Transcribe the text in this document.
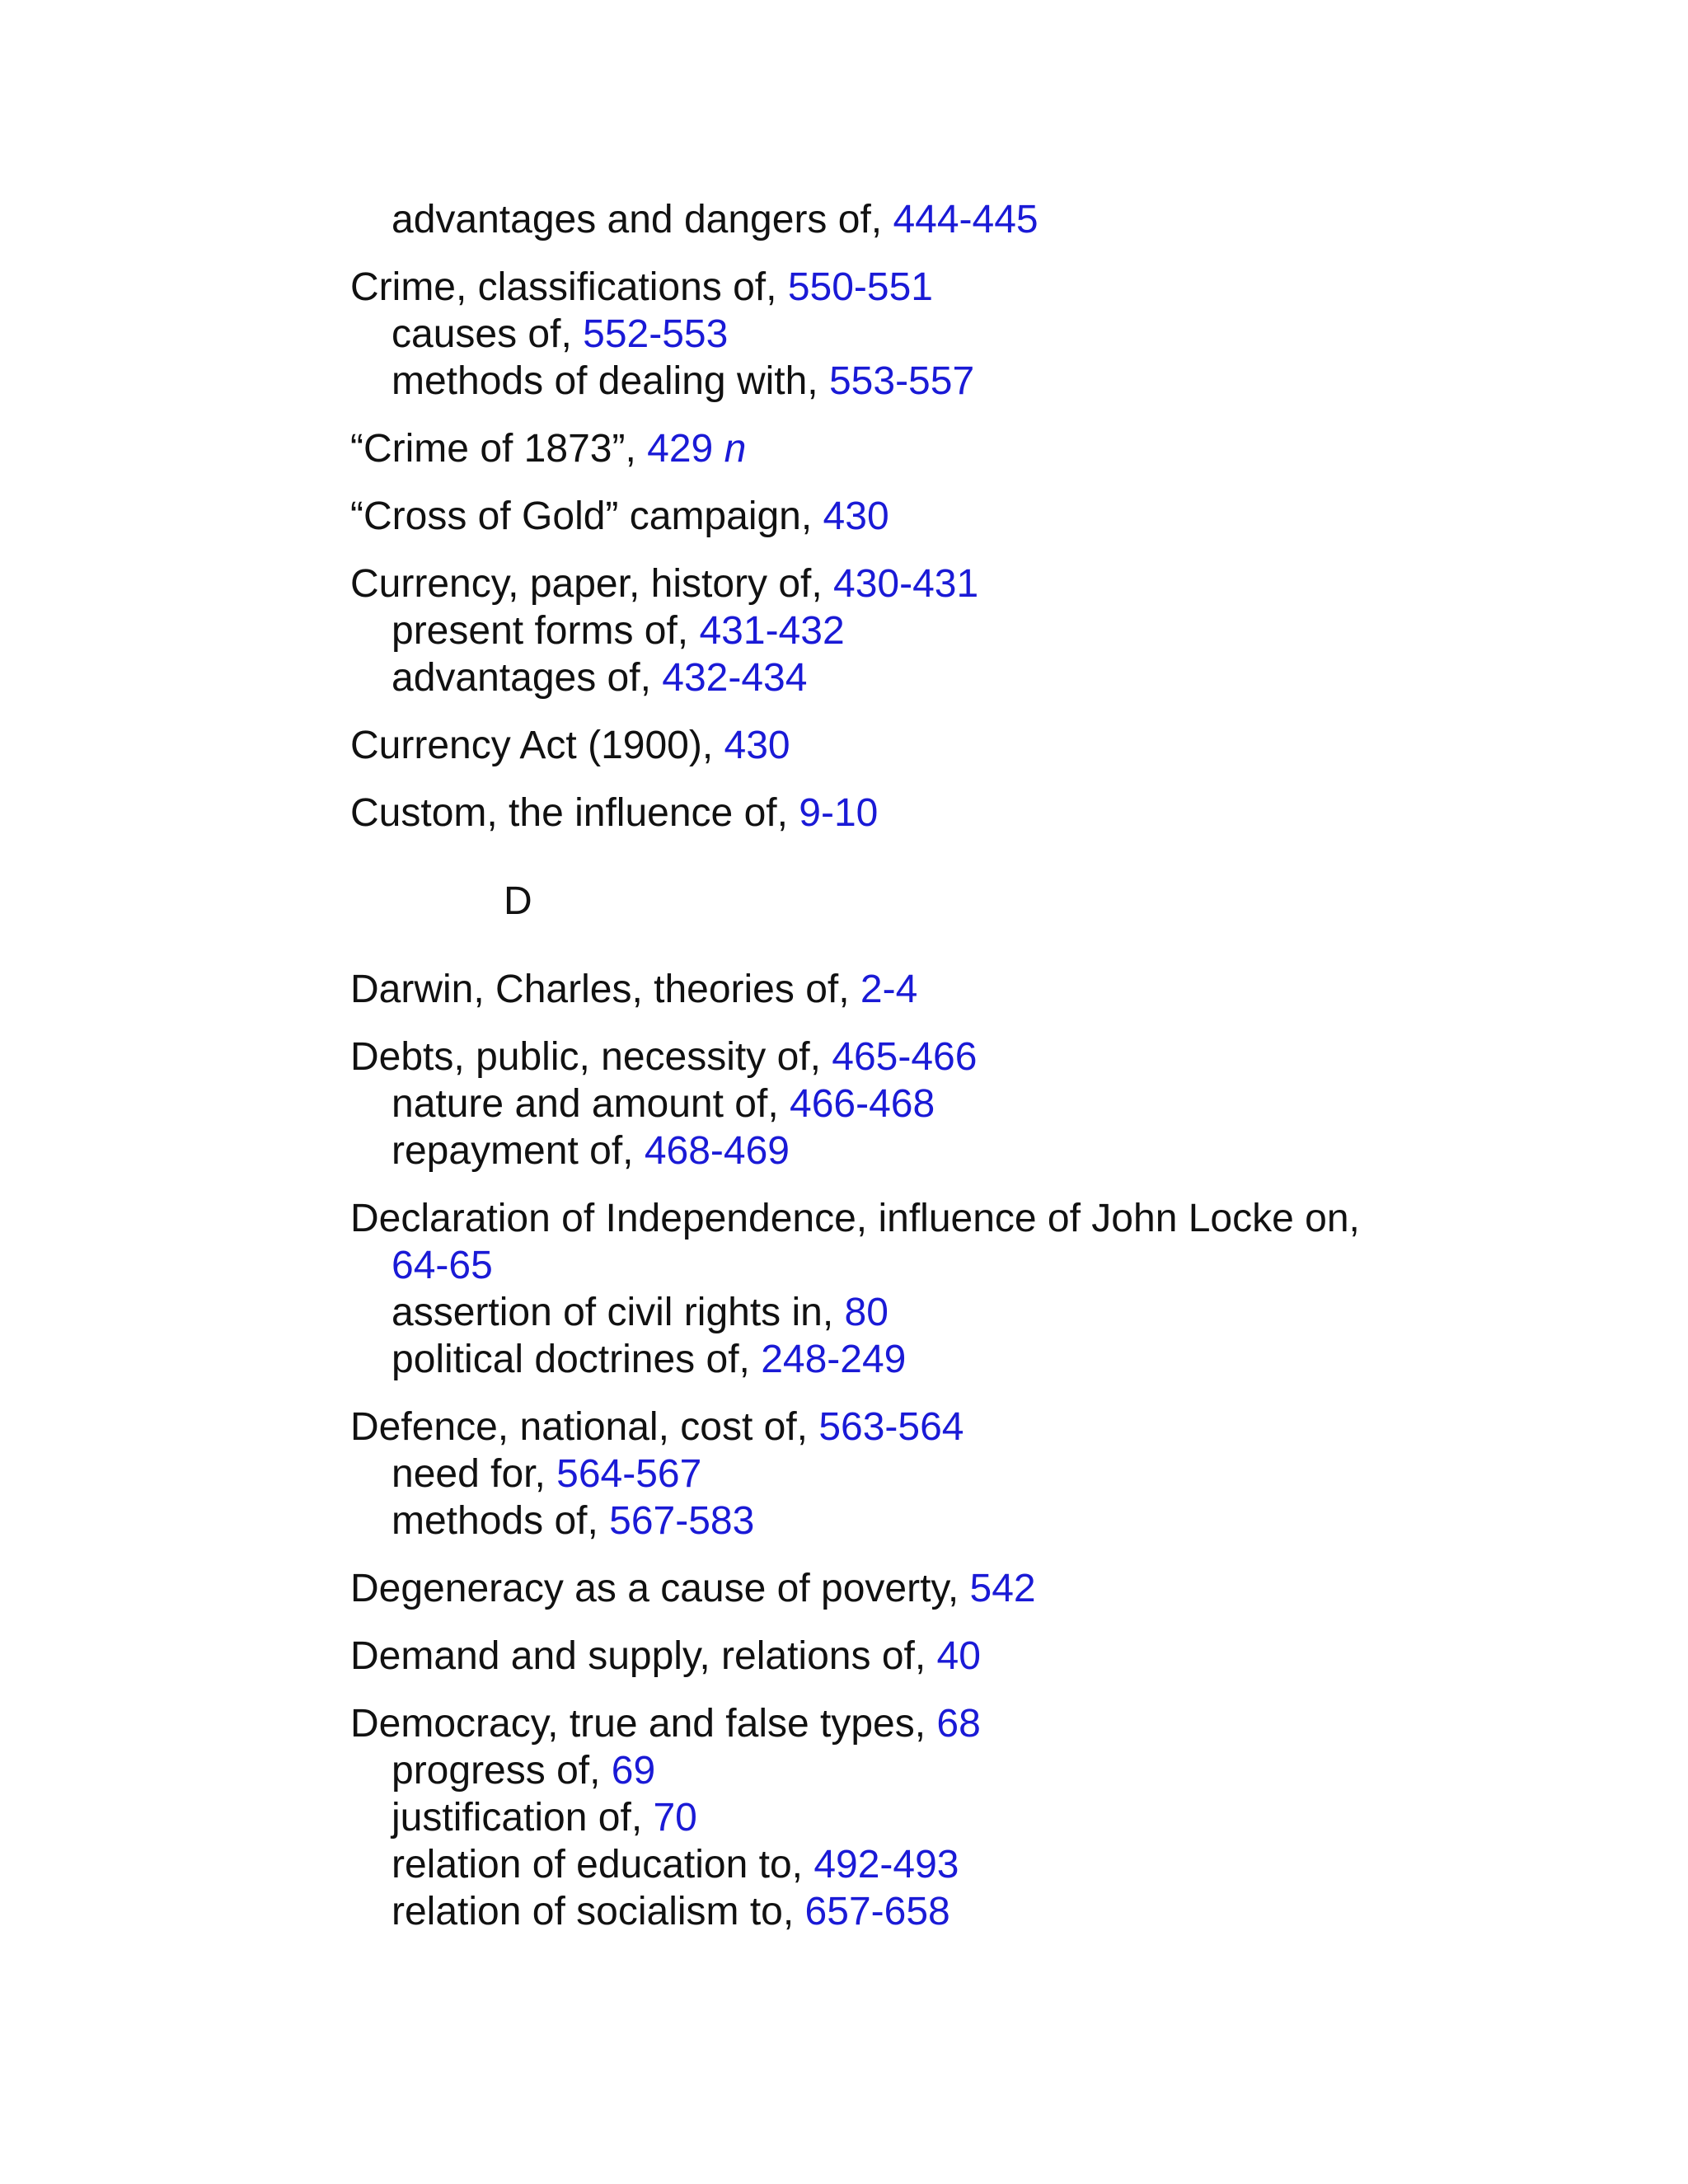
advantages and dangers of, 444-445
Crime, classifications of, 550-551
causes of, 552-553
methods of dealing with, 553-557
“Crime of 1873”, 429 n
“Cross of Gold” campaign, 430
Currency, paper, history of, 430-431
present forms of, 431-432
advantages of, 432-434
Currency Act (1900), 430
Custom, the influence of, 9-10
D
Darwin, Charles, theories of, 2-4
Debts, public, necessity of, 465-466
nature and amount of, 466-468
repayment of, 468-469
Declaration of Independence, influence of John Locke on,
64-65
assertion of civil rights in, 80
political doctrines of, 248-249
Defence, national, cost of, 563-564
need for, 564-567
methods of, 567-583
Degeneracy as a cause of poverty, 542
Demand and supply, relations of, 40
Democracy, true and false types, 68
progress of, 69
justification of, 70
relation of education to, 492-493
relation of socialism to, 657-658
